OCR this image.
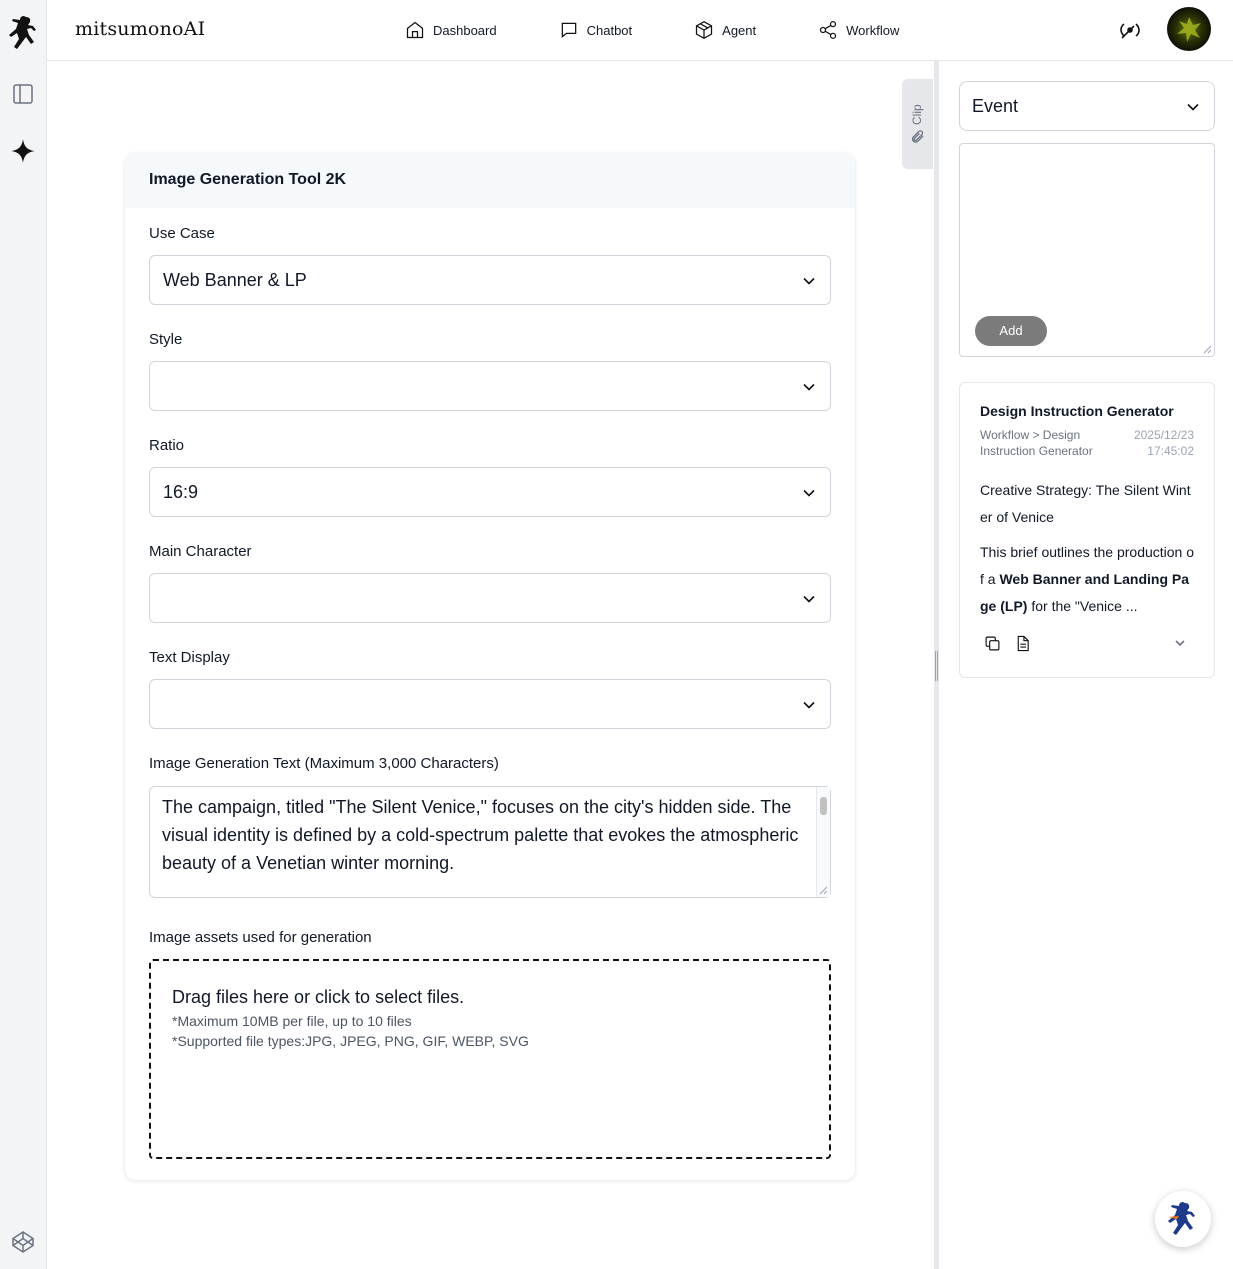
mitsumonoAI	Dashboard	Chatbot	Agent	Workflow
Image Generation Tool 2K
Use Case
Web Banner & LP
Style
Ratio
16:9
Main Character
Text Display
Image Generation Text (Maximum 3,000 Characters)
The campaign, titled "The Silent Venice," focuses on the city's hidden side. The visual identity is defined by a cold-spectrum palette that evokes the atmospheric beauty of a Venetian winter morning.
Image assets used for generation
Drag files here or click to select files.
*Maximum 10MB per file, up to 10 files
*Supported file types:JPG, JPEG, PNG, GIF, WEBP, SVG
Clip	Event
Add
Design Instruction Generator
Workflow > Design Instruction Generator
2025/12/23
17:45:02

Creative Strategy: The Silent Winter of Venice

This brief outlines the production of a Web Banner and Landing Page (LP) for the "Venice ...
